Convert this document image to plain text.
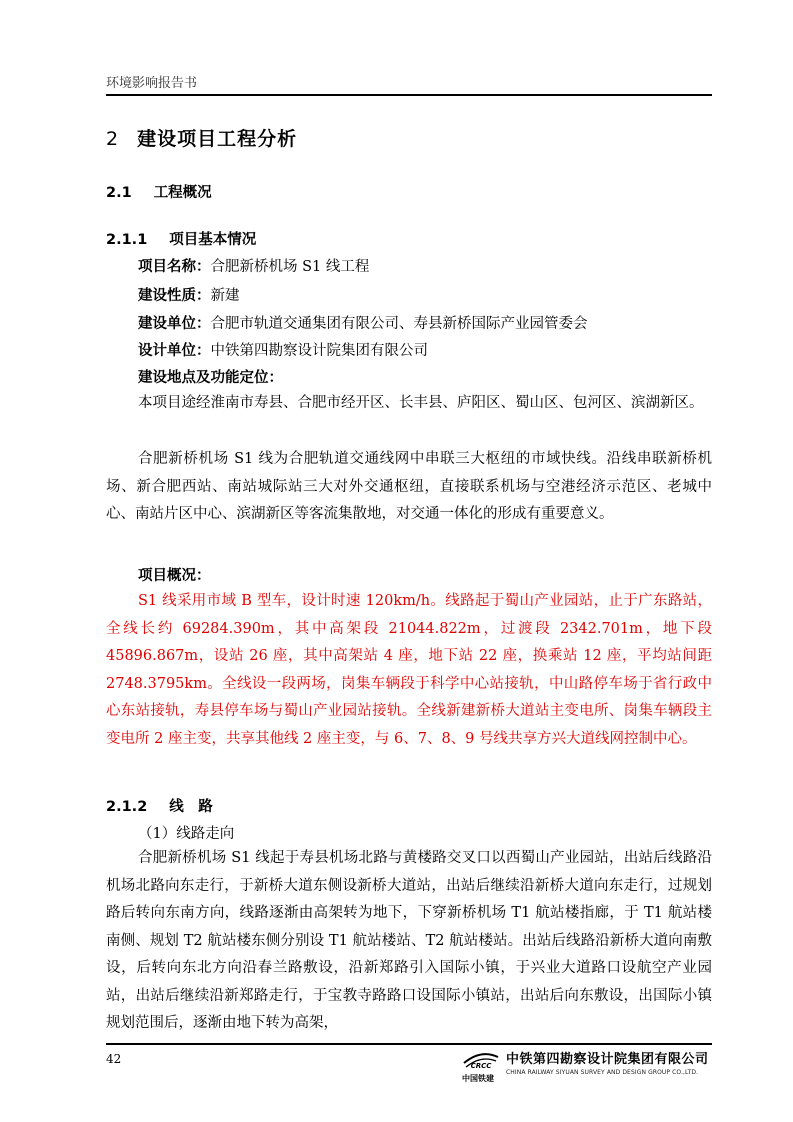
环境影响报告书
2 建设项目工程分析
2.1 工程概况
2.1.1 项目基本情况
项目名称：合肥新桥机场 S1 线工程
建设性质：新建
建设单位：合肥市轨道交通集团有限公司、寿县新桥国际产业园管委会
设计单位：中铁第四勘察设计院集团有限公司
建设地点及功能定位：

本项目途经淮南市寿县、合肥市经开区、长丰县、庐阳区、蜀山区、包河区、滨湖新区。

合肥新桥机场 S1 线为合肥轨道交通线网中串联三大枢纽的市域快线。沿线串联新桥机场、新合肥西站、南站城际站三大对外交通枢纽，直接联系机场与空港经济示范区、老城中心、南站片区中心、滨湖新区等客流集散地，对交通一体化的形成有重要意义。

项目概况：

S1 线采用市域 B 型车，设计时速 120km/h。线路起于蜀山产业园站，止于广东路站，全线长约 69284.390m，其中高架段 21044.822m，过渡段 2342.701m，地下段 45896.867m，设站 26 座，其中高架站 4 座，地下站 22 座，换乘站 12 座，平均站间距 2748.3795km。全线设一段两场，岗集车辆段于科学中心站接轨，中山路停车场于省行政中心东站接轨，寿县停车场与蜀山产业园站接轨。全线新建新桥大道站主变电所、岗集车辆段主变电所 2 座主变，共享其他线 2 座主变，与 6、7、8、9 号线共享方兴大道线网控制中心。

2.1.2 线　路
（1）线路走向

合肥新桥机场 S1 线起于寿县机场北路与黄楼路交叉口以西蜀山产业园站，出站后线路沿机场北路向东走行，于新桥大道东侧设新桥大道站，出站后继续沿新桥大道向东走行，过规划路后转向东南方向，线路逐渐由高架转为地下，下穿新桥机场 T1 航站楼指廊，于 T1 航站楼南侧、规划 T2 航站楼东侧分别设 T1 航站楼站、T2 航站楼站。出站后线路沿新桥大道向南敷设，后转向东北方向沿春兰路敷设，沿新郑路引入国际小镇，于兴业大道路口设航空产业园站，出站后继续沿新郑路走行，于宝教寺路路口设国际小镇站，出站后向东敷设，出国际小镇规划范围后，逐渐由地下转为高架，

42	CRCC
中国铁建
中铁第四勘察设计院集团有限公司
CHINA RAILWAY SIYUAN SURVEY AND DESIGN GROUP CO.,LTD.
